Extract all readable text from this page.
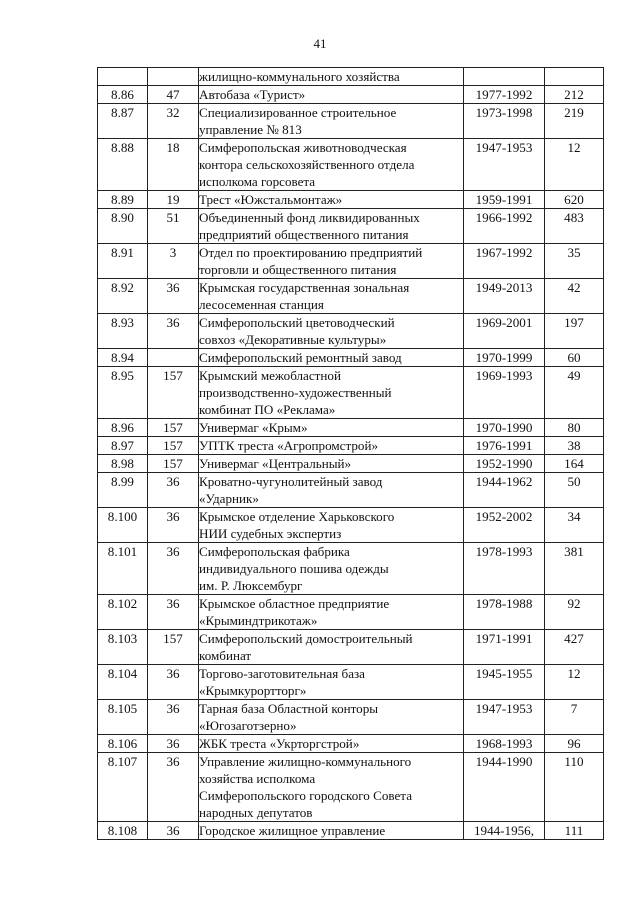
41
		жилищно-коммунального хозяйства		
8.86	47	Автобаза «Турист»	1977-1992	212
8.87	32	Специализированное строительное
управление № 813	1973-1998	219
8.88	18	Симферопольская животноводческая
контора сельскохозяйственного отдела
исполкома горсовета	1947-1953	12
8.89	19	Трест «Южстальмонтаж»	1959-1991	620
8.90	51	Объединенный фонд ликвидированных
предприятий общественного питания	1966-1992	483
8.91	3	Отдел по проектированию предприятий
торговли и общественного питания	1967-1992	35
8.92	36	Крымская государственная зональная
лесосеменная станция	1949-2013	42
8.93	36	Симферопольский цветоводческий
совхоз «Декоративные культуры»	1969-2001	197
8.94		Симферопольский ремонтный завод	1970-1999	60
8.95	157	Крымский межобластной
производственно-художественный
комбинат ПО «Реклама»	1969-1993	49
8.96	157	Универмаг «Крым»	1970-1990	80
8.97	157	УПТК треста «Агропромстрой»	1976-1991	38
8.98	157	Универмаг «Центральный»	1952-1990	164
8.99	36	Кроватно-чугунолитейный завод
«Ударник»	1944-1962	50
8.100	36	Крымское отделение Харьковского
НИИ судебных экспертиз	1952-2002	34
8.101	36	Симферопольская фабрика
индивидуального пошива одежды
им. Р. Люксембург	1978-1993	381
8.102	36	Крымское областное предприятие
«Крыминдтрикотаж»	1978-1988	92
8.103	157	Симферопольский домостроительный
комбинат	1971-1991	427
8.104	36	Торгово-заготовительная база
«Крымкурортторг»	1945-1955	12
8.105	36	Тарная база Областной конторы
«Югозаготзерно»	1947-1953	7
8.106	36	ЖБК треста «Укрторгстрой»	1968-1993	96
8.107	36	Управление жилищно-коммунального
хозяйства исполкома
Симферопольского городского Совета
народных депутатов	1944-1990	110
8.108	36	Городское жилищное управление	1944-1956,	111
